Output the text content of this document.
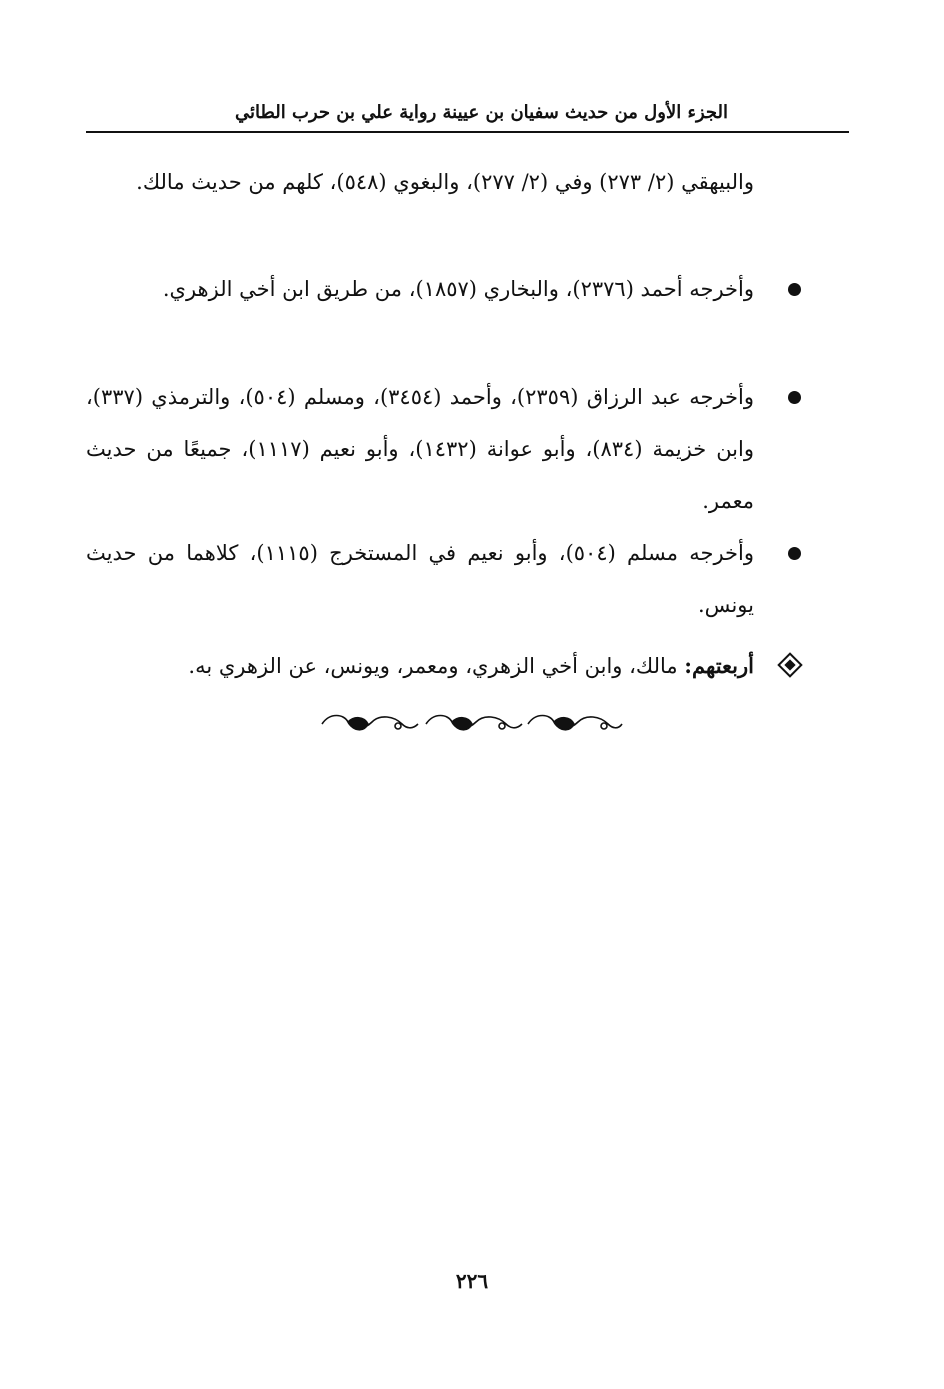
الجزء الأول من حديث سفيان بن عيينة رواية علي بن حرب الطائي
والبيهقي (٢/ ٢٧٣) وفي (٢/ ٢٧٧)، والبغوي (٥٤٨)، كلهم من حديث مالك.
وأخرجه أحمد (٢٣٧٦)، والبخاري (١٨٥٧)، من طريق ابن أخي الزهري.
وأخرجه عبد الرزاق (٢٣٥٩)، وأحمد (٣٤٥٤)، ومسلم (٥٠٤)، والترمذي (٣٣٧)، وابن خزيمة (٨٣٤)، وأبو عوانة (١٤٣٢)، وأبو نعيم (١١١٧)، جميعًا من حديث معمر.
وأخرجه مسلم (٥٠٤)، وأبو نعيم في المستخرج (١١١٥)، كلاهما من حديث يونس.
أربعتهم: مالك، وابن أخي الزهري، ومعمر، ويونس، عن الزهري به.
٢٢٦
